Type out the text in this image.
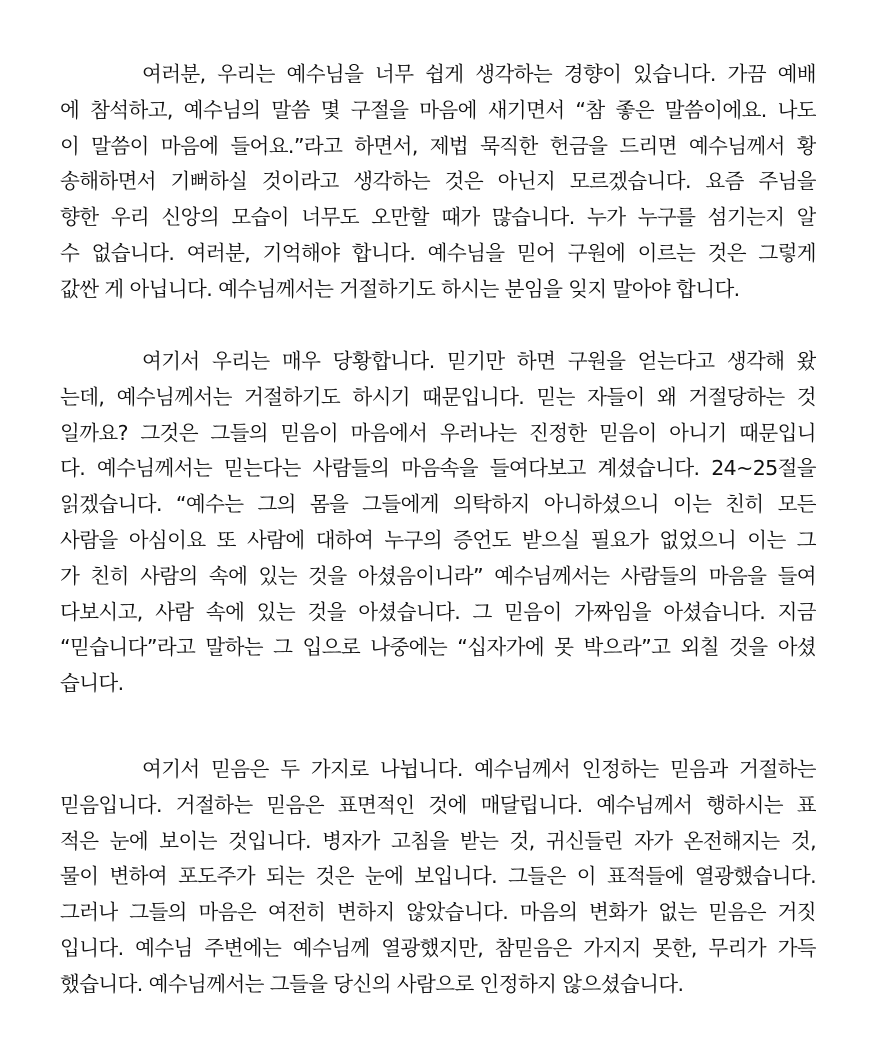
여러분, 우리는 예수님을 너무 쉽게 생각하는 경향이 있습니다. 가끔 예배
에 참석하고, 예수님의 말씀 몇 구절을 마음에 새기면서 “참 좋은 말씀이에요. 나도
이 말씀이 마음에 들어요.”라고 하면서, 제법 묵직한 헌금을 드리면 예수님께서 황
송해하면서 기뻐하실 것이라고 생각하는 것은 아닌지 모르겠습니다. 요즘 주님을
향한 우리 신앙의 모습이 너무도 오만할 때가 많습니다. 누가 누구를 섬기는지 알
수 없습니다. 여러분, 기억해야 합니다. 예수님을 믿어 구원에 이르는 것은 그렇게
값싼 게 아닙니다. 예수님께서는 거절하기도 하시는 분임을 잊지 말아야 합니다.
여기서 우리는 매우 당황합니다. 믿기만 하면 구원을 얻는다고 생각해 왔
는데, 예수님께서는 거절하기도 하시기 때문입니다. 믿는 자들이 왜 거절당하는 것
일까요? 그것은 그들의 믿음이 마음에서 우러나는 진정한 믿음이 아니기 때문입니
다. 예수님께서는 믿는다는 사람들의 마음속을 들여다보고 계셨습니다. 24~25절을
읽겠습니다. “예수는 그의 몸을 그들에게 의탁하지 아니하셨으니 이는 친히 모든
사람을 아심이요 또 사람에 대하여 누구의 증언도 받으실 필요가 없었으니 이는 그
가 친히 사람의 속에 있는 것을 아셨음이니라” 예수님께서는 사람들의 마음을 들여
다보시고, 사람 속에 있는 것을 아셨습니다. 그 믿음이 가짜임을 아셨습니다. 지금
“믿습니다”라고 말하는 그 입으로 나중에는 “십자가에 못 박으라”고 외칠 것을 아셨
습니다.
여기서 믿음은 두 가지로 나뉩니다. 예수님께서 인정하는 믿음과 거절하는
믿음입니다. 거절하는 믿음은 표면적인 것에 매달립니다. 예수님께서 행하시는 표
적은 눈에 보이는 것입니다. 병자가 고침을 받는 것, 귀신들린 자가 온전해지는 것,
물이 변하여 포도주가 되는 것은 눈에 보입니다. 그들은 이 표적들에 열광했습니다.
그러나 그들의 마음은 여전히 변하지 않았습니다. 마음의 변화가 없는 믿음은 거짓
입니다. 예수님 주변에는 예수님께 열광했지만, 참믿음은 가지지 못한, 무리가 가득
했습니다. 예수님께서는 그들을 당신의 사람으로 인정하지 않으셨습니다.
